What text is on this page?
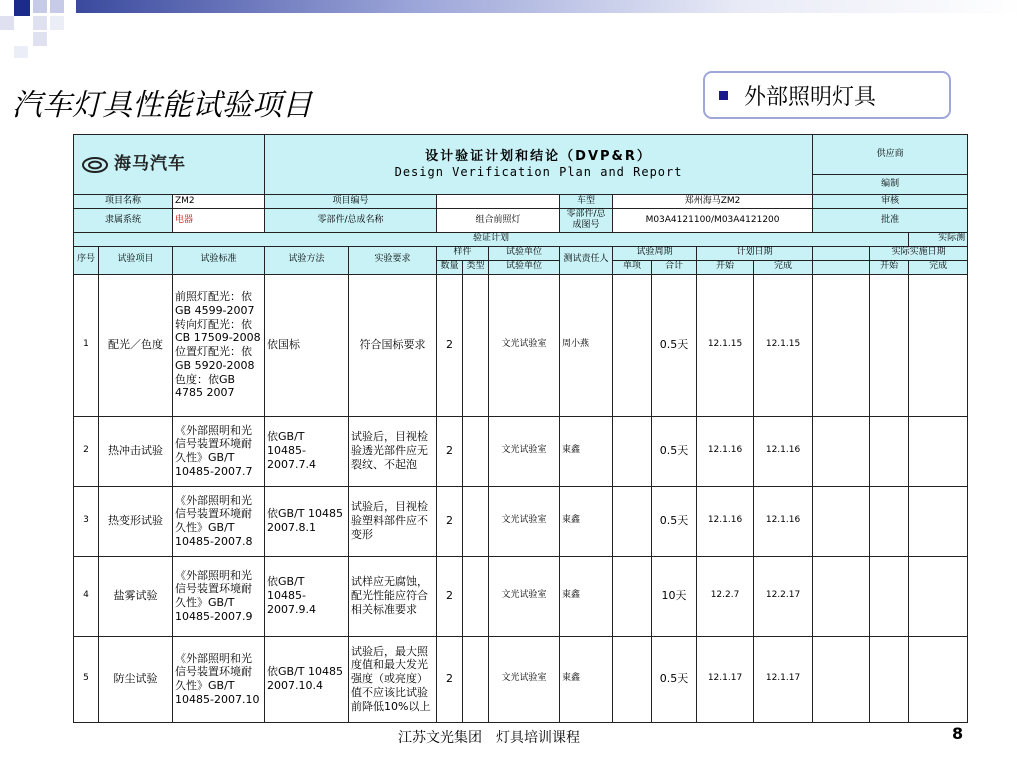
汽车灯具性能试验项目	外部照明灯具
海马汽车			设计验证计划和结论（DVP&R）
Design Verification Plan and Report										供应商		
													编制		
项目名称		ZM2	项目编号					车型	郑州海马ZM2				审核		
隶属系统		电器	零部件/总成名称		组合前照灯			零部件/总成图号	M03A4121100/M03A4121200				批准		
验证计划															实际测
序号	试验项目	试验标准	试验方法	实验要求	样件		试验单位	测试责任人	试验周期		计划日期			实际实施日期	
					数量	类型	试验单位		单项	合计	开始	完成		开始	完成
1	配光／色度	前照灯配光：依GB 4599-2007 转向灯配光：依CB 17509-2008 位置灯配光：依GB 5920-2008 色度：依GB 4785 2007	依国标	符合国标要求	2		文光试验室	周小燕		0.5天	12.1.15	12.1.15			
2	热冲击试验	《外部照明和光信号装置环境耐久性》GB/T 10485-2007.7	依GB/T 10485-2007.7.4	试验后，目视检验透光部件应无裂纹、不起泡	2		文光试验室	東鑫		0.5天	12.1.16	12.1.16			
3	热变形试验	《外部照明和光信号装置环境耐久性》GB/T 10485-2007.8	依GB/T 10485 2007.8.1	试验后，目视检验塑料部件应不变形	2		文光试验室	東鑫		0.5天	12.1.16	12.1.16			
4	盐雾试验	《外部照明和光信号装置环境耐久性》GB/T 10485-2007.9	依GB/T 10485-2007.9.4	试样应无腐蚀，配光性能应符合相关标准要求	2		文光试验室	東鑫		10天	12.2.7	12.2.17			
5	防尘试验	《外部照明和光信号装置环境耐久性》GB/T 10485-2007.10	依GB/T 10485 2007.10.4	试验后，最大照度值和最大发光强度（或亮度）值不应该比试验前降低10%以上	2		文光试验室	東鑫		0.5天	12.1.17	12.1.17			
江苏文光集团　灯具培训课程	8
